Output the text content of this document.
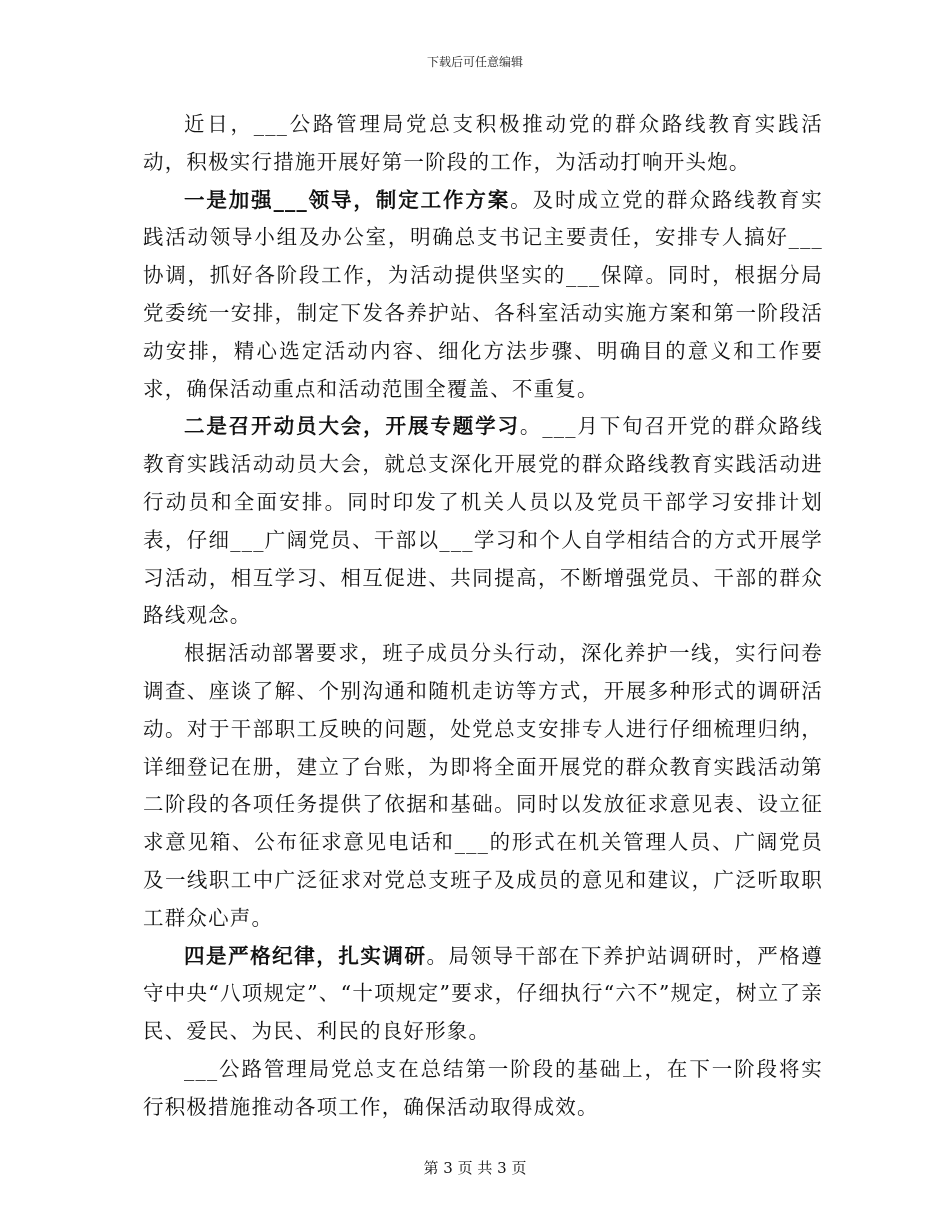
下载后可任意编辑

近日，___公路管理局党总支积极推动党的群众路线教育实践活动，积极实行措施开展好第一阶段的工作，为活动打响开头炮。

一是加强___领导，制定工作方案。及时成立党的群众路线教育实践活动领导小组及办公室，明确总支书记主要责任，安排专人搞好___协调，抓好各阶段工作，为活动提供坚实的___保障。同时，根据分局党委统一安排，制定下发各养护站、各科室活动实施方案和第一阶段活动安排，精心选定活动内容、细化方法步骤、明确目的意义和工作要求，确保活动重点和活动范围全覆盖、不重复。

二是召开动员大会，开展专题学习。___月下旬召开党的群众路线教育实践活动动员大会，就总支深化开展党的群众路线教育实践活动进行动员和全面安排。同时印发了机关人员以及党员干部学习安排计划表，仔细___广阔党员、干部以___学习和个人自学相结合的方式开展学习活动，相互学习、相互促进、共同提高，不断增强党员、干部的群众路线观念。

根据活动部署要求，班子成员分头行动，深化养护一线，实行问卷调查、座谈了解、个别沟通和随机走访等方式，开展多种形式的调研活动。对于干部职工反映的问题，处党总支安排专人进行仔细梳理归纳，详细登记在册，建立了台账，为即将全面开展党的群众教育实践活动第二阶段的各项任务提供了依据和基础。同时以发放征求意见表、设立征求意见箱、公布征求意见电话和___的形式在机关管理人员、广阔党员及一线职工中广泛征求对党总支班子及成员的意见和建议，广泛听取职工群众心声。

四是严格纪律，扎实调研。局领导干部在下养护站调研时，严格遵守中央“八项规定”、“十项规定”要求，仔细执行“六不”规定，树立了亲民、爱民、为民、利民的良好形象。

___公路管理局党总支在总结第一阶段的基础上，在下一阶段将实行积极措施推动各项工作，确保活动取得成效。

第 3 页 共 3 页
